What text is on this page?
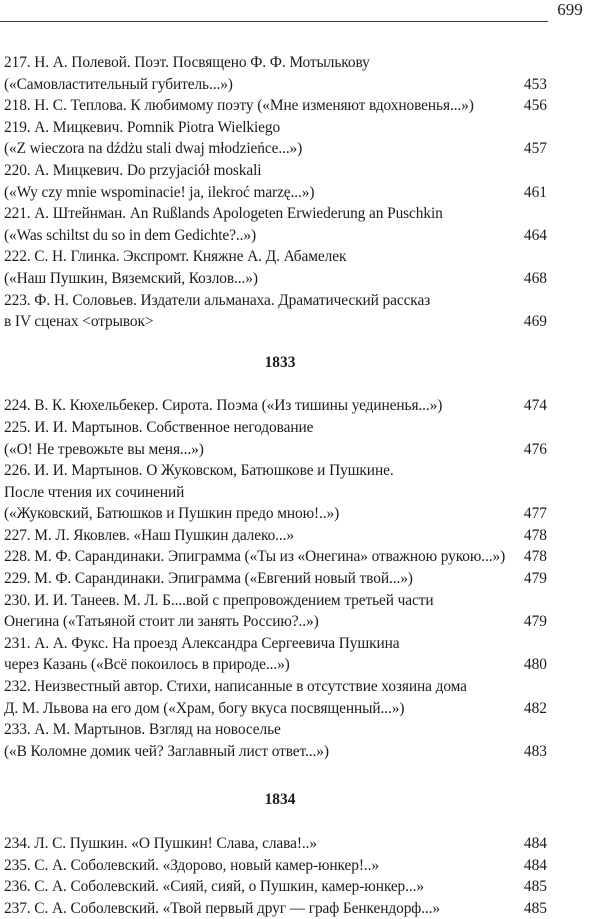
699
217. Н. А. Полевой. Поэт. Посвящено Ф. Ф. Мотылькову
(«Самовластительный губитель...»)	453
218. Н. С. Теплова. К любимому поэту («Мне изменяют вдохновенья...»)	456
219. А. Мицкевич. Pomnik Piotra Wielkiego
(«Z wieczora na dźdżu stali dwaj młodzieńce...»)	457
220. А. Мицкевич. Do przyjaciół moskali
(«Wy czy mnie wspominacie! ja, ilekroć marzę...»)	461
221. А. Штейнман. An Rußlands Apologeten Erwiederung an Puschkin
(«Was schiltst du so in dem Gedichte?..»)	464
222. С. Н. Глинка. Экспромт. Княжне А. Д. Абамелек
(«Наш Пушкин, Вяземский, Козлов...»)	468
223. Ф. Н. Соловьев. Издатели альманаха. Драматический рассказ
в IV сценах <отрывок>	469
1833
224. В. К. Кюхельбекер. Сирота. Поэма («Из тишины уединенья...»)	474
225. И. И. Мартынов. Собственное негодование
(«О! Не тревожьте вы меня...»)	476
226. И. И. Мартынов. О Жуковском, Батюшкове и Пушкине.
После чтения их сочинений
(«Жуковский, Батюшков и Пушкин предо мною!..»)	477
227. М. Л. Яковлев. «Наш Пушкин далеко...»	478
228. М. Ф. Сарандинаки. Эпиграмма («Ты из «Онегина» отважною рукою...»)	478
229. М. Ф. Сарандинаки. Эпиграмма («Евгений новый твой...»)	479
230. И. И. Танеев. М. Л. Б....вой с препровождением третьей части
Онегина («Татьяной стоит ли занять Россию?..»)	479
231. А. А. Фукс. На проезд Александра Сергеевича Пушкина
через Казань («Всё покоилось в природе...»)	480
232. Неизвестный автор. Стихи, написанные в отсутствие хозяина дома
Д. М. Львова на его дом («Храм, богу вкуса посвященный...»)	482
233. А. М. Мартынов. Взгляд на новоселье
(«В Коломне домик чей? Заглавный лист ответ...»)	483
1834
234. Л. С. Пушкин. «О Пушкин! Слава, слава!..»	484
235. С. А. Соболевский. «Здорово, новый камер-юнкер!..»	484
236. С. А. Соболевский. «Сияй, сияй, о Пушкин, камер-юнкер...»	485
237. С. А. Соболевский. «Твой первый друг — граф Бенкендорф...»	485
